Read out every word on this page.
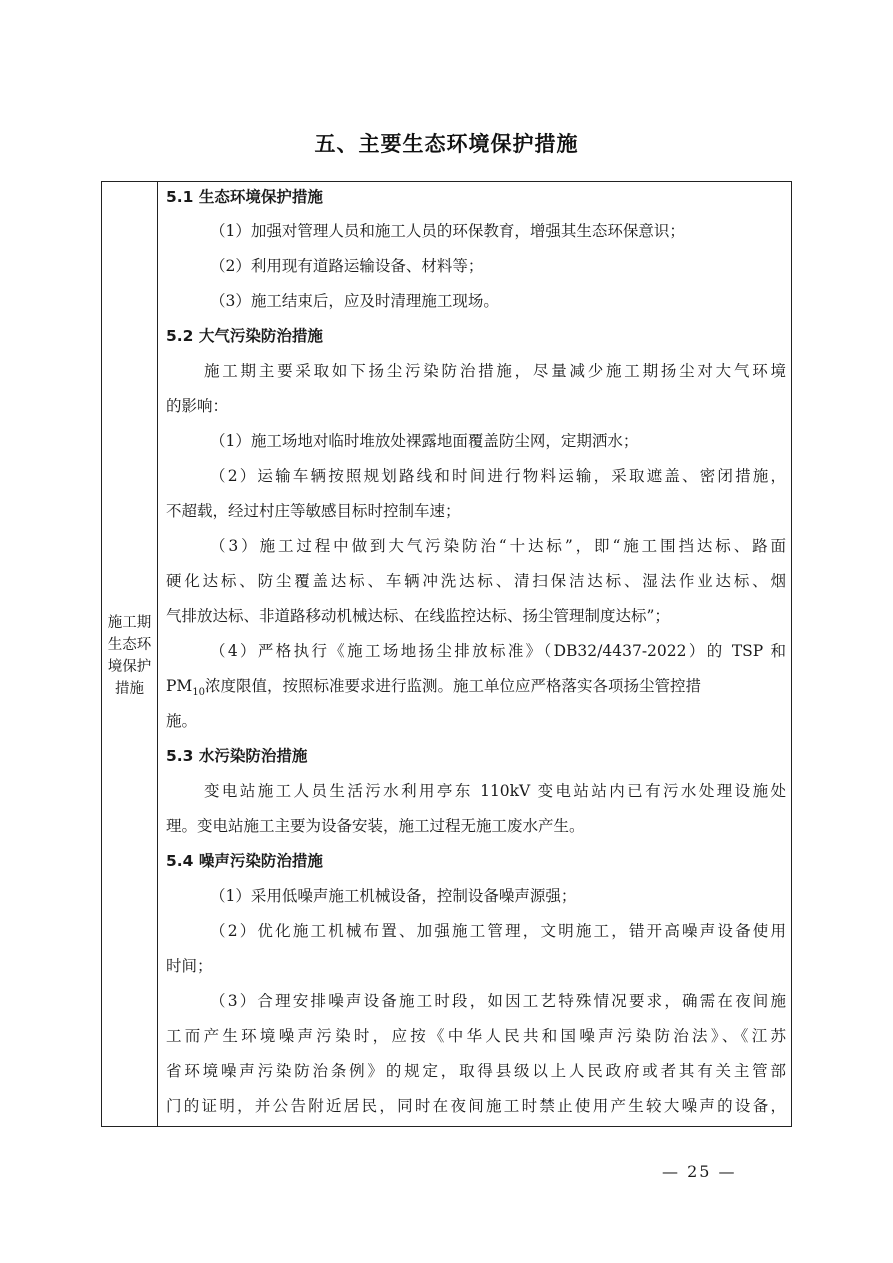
五、主要生态环境保护措施
施工期
生态环
境保护
措施
5.1 生态环境保护措施
（1）加强对管理人员和施工人员的环保教育，增强其生态环保意识；
（2）利用现有道路运输设备、材料等；
（3）施工结束后，应及时清理施工现场。
5.2 大气污染防治措施
施工期主要采取如下扬尘污染防治措施，尽量减少施工期扬尘对大气环境
的影响：
（1）施工场地对临时堆放处裸露地面覆盖防尘网，定期洒水；
（2）运输车辆按照规划路线和时间进行物料运输，采取遮盖、密闭措施，
不超载，经过村庄等敏感目标时控制车速；
（3）施工过程中做到大气污染防治“十达标”，即“施工围挡达标、路面
硬化达标、防尘覆盖达标、车辆冲洗达标、清扫保洁达标、湿法作业达标、烟
气排放达标、非道路移动机械达标、在线监控达标、扬尘管理制度达标”；
（4）严格执行《施工场地扬尘排放标准》（DB32/4437-2022）的 TSP 和
$PM_{10}$浓度限值，按照标准要求进行监测。施工单位应严格落实各项扬尘管控措
施。
5.3 水污染防治措施
变电站施工人员生活污水利用亭东 110kV 变电站站内已有污水处理设施处
理。变电站施工主要为设备安装，施工过程无施工废水产生。
5.4 噪声污染防治措施
（1）采用低噪声施工机械设备，控制设备噪声源强；
（2）优化施工机械布置、加强施工管理，文明施工，错开高噪声设备使用
时间；
（3）合理安排噪声设备施工时段，如因工艺特殊情况要求，确需在夜间施
工而产生环境噪声污染时，应按《中华人民共和国噪声污染防治法》、《江苏
省环境噪声污染防治条例》的规定，取得县级以上人民政府或者其有关主管部
门的证明，并公告附近居民，同时在夜间施工时禁止使用产生较大噪声的设备，
— 25 —
